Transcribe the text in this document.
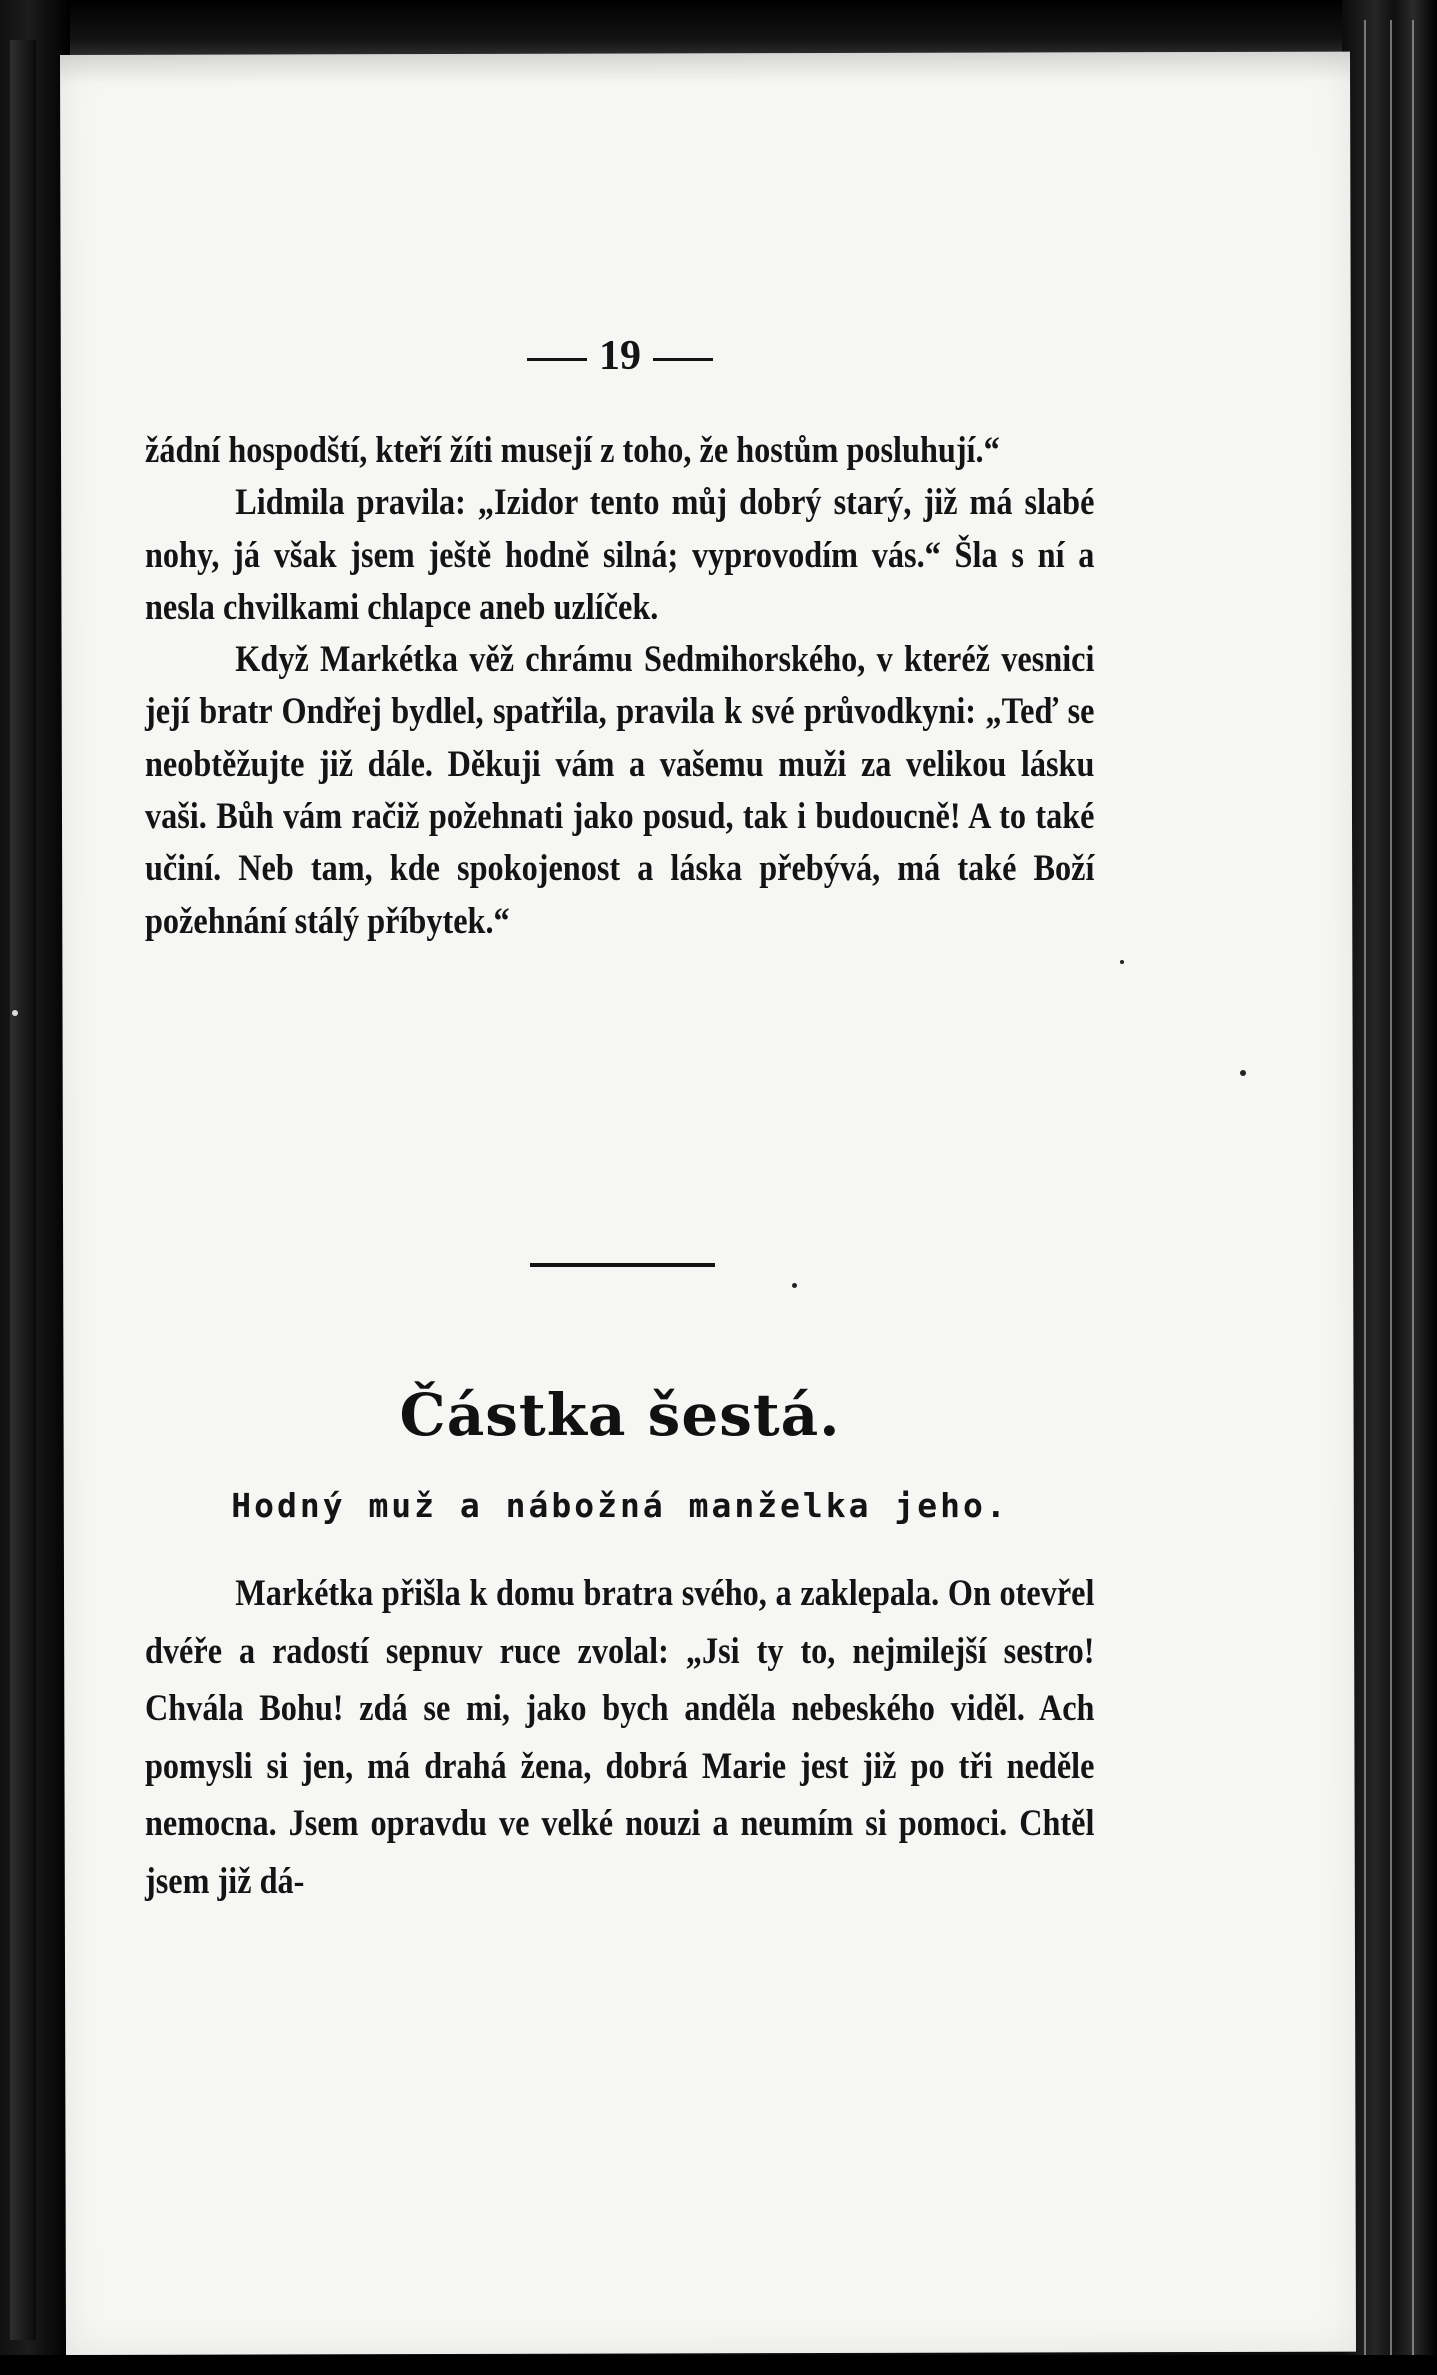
19

žádní hospodští, kteří žíti musejí z toho, že hostům posluhují.“

Lidmila pravila: „Izidor tento můj dobrý starý, již má slabé nohy, já však jsem ještě hodně silná; vyprovodím vás.“ Šla s ní a nesla chvilkami chlapce aneb uzlíček.

Když Markétka věž chrámu Sedmihorského, v kteréž vesnici její bratr Ondřej bydlel, spatřila, pravila k své průvodkyni: „Teď se neobtěžujte již dále. Děkuji vám a vašemu muži za velikou lásku vaši. Bůh vám račiž požehnati jako posud, tak i budoucně! A to také učiní. Neb tam, kde spokojenost a láska přebývá, má také Boží požehnání stálý příbytek.“

Částka šestá.
Hodný muž a nábožná manželka jeho.

Markétka přišla k domu bratra svého, a zaklepala. On otevřel dvéře a radostí sepnuv ruce zvolal: „Jsi ty to, nejmilejší sestro! Chvála Bohu! zdá se mi, jako bych anděla nebeského viděl. Ach pomysli si jen, má drahá žena, dobrá Marie jest již po tři neděle nemocna. Jsem opravdu ve velké nouzi a neumím si pomoci. Chtěl jsem již dá-
